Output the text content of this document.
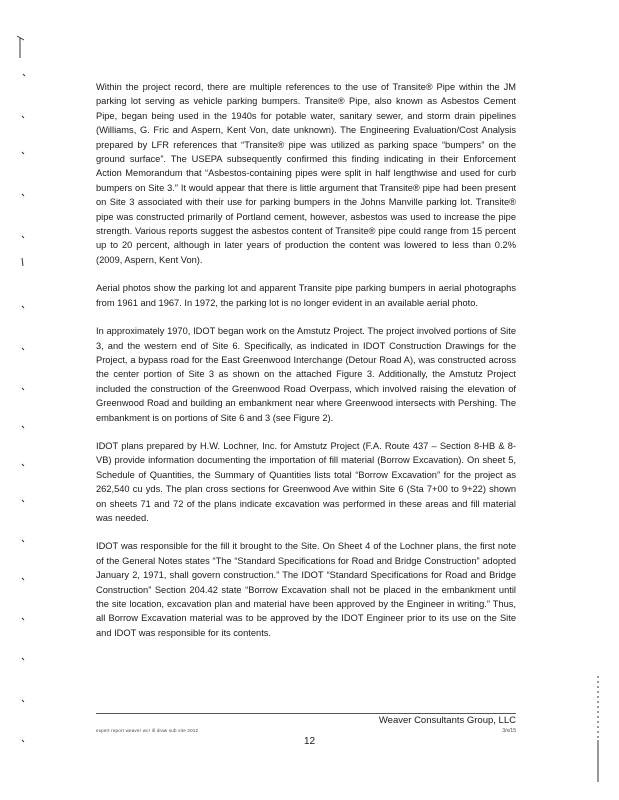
Within the project record, there are multiple references to the use of Transite® Pipe within the JM parking lot serving as vehicle parking bumpers. Transite® Pipe, also known as Asbestos Cement Pipe, began being used in the 1940s for potable water, sanitary sewer, and storm drain pipelines (Williams, G. Fric and Aspern, Kent Von, date unknown). The Engineering Evaluation/Cost Analysis prepared by LFR references that “Transite® pipe was utilized as parking space “bumpers” on the ground surface”. The USEPA subsequently confirmed this finding indicating in their Enforcement Action Memorandum that “Asbestos-containing pipes were split in half lengthwise and used for curb bumpers on Site 3.” It would appear that there is little argument that Transite® pipe had been present on Site 3 associated with their use for parking bumpers in the Johns Manville parking lot. Transite® pipe was constructed primarily of Portland cement, however, asbestos was used to increase the pipe strength. Various reports suggest the asbestos content of Transite® pipe could range from 15 percent up to 20 percent, although in later years of production the content was lowered to less than 0.2% (2009, Aspern, Kent Von).

Aerial photos show the parking lot and apparent Transite pipe parking bumpers in aerial photographs from 1961 and 1967. In 1972, the parking lot is no longer evident in an available aerial photo.

In approximately 1970, IDOT began work on the Amstutz Project. The project involved portions of Site 3, and the western end of Site 6. Specifically, as indicated in IDOT Construction Drawings for the Project, a bypass road for the East Greenwood Interchange (Detour Road A), was constructed across the center portion of Site 3 as shown on the attached Figure 3. Additionally, the Amstutz Project included the construction of the Greenwood Road Overpass, which involved raising the elevation of Greenwood Road and building an embankment near where Greenwood intersects with Pershing. The embankment is on portions of Site 6 and 3 (see Figure 2).

IDOT plans prepared by H.W. Lochner, Inc. for Amstutz Project (F.A. Route 437 – Section 8-HB & 8-VB) provide information documenting the importation of fill material (Borrow Excavation). On sheet 5, Schedule of Quantities, the Summary of Quantities lists total “Borrow Excavation” for the project as 262,540 cu yds. The plan cross sections for Greenwood Ave within Site 6 (Sta 7+00 to 9+22) shown on sheets 71 and 72 of the plans indicate excavation was performed in these areas and fill material was needed.

IDOT was responsible for the fill it brought to the Site. On Sheet 4 of the Lochner plans, the first note of the General Notes states “The “Standard Specifications for Road and Bridge Construction” adopted January 2, 1971, shall govern construction.” The IDOT “Standard Specifications for Road and Bridge Construction” Section 204.42 state “Borrow Excavation shall not be placed in the embankment until the site location, excavation plan and material have been approved by the Engineer in writing.” Thus, all Borrow Excavation material was to be approved by the IDOT Engineer prior to its use on the Site and IDOT was responsible for its contents.

Weaver Consultants Group, LLC
expert report weaver wcr ill draw sub site 2012	3/x/15
12
